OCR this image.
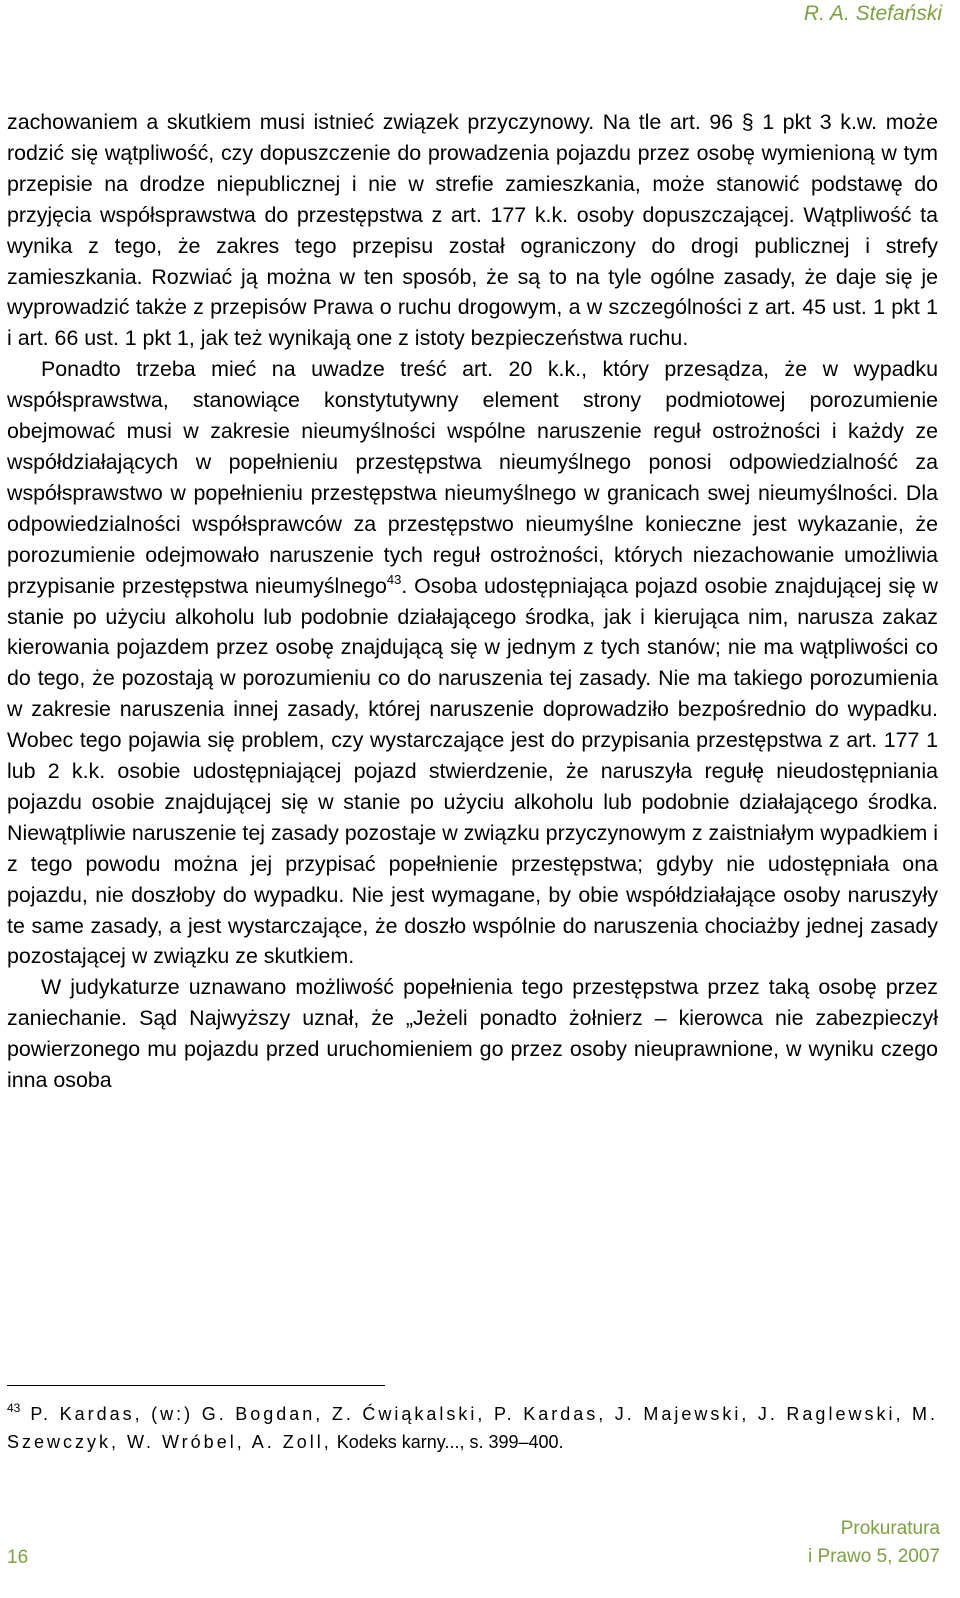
R. A. Stefański

zachowaniem a skutkiem musi istnieć związek przyczynowy. Na tle art. 96 § 1 pkt 3 k.w. może rodzić się wątpliwość, czy dopuszczenie do prowadzenia pojazdu przez osobę wymienioną w tym przepisie na drodze niepublicznej i nie w strefie zamieszkania, może stanowić podstawę do przyjęcia współsprawstwa do przestępstwa z art. 177 k.k. osoby dopuszczającej. Wątpliwość ta wynika z tego, że zakres tego przepisu został ograniczony do drogi publicznej i strefy zamieszkania. Rozwiać ją można w ten sposób, że są to na tyle ogólne zasady, że daje się je wyprowadzić także z przepisów Prawa o ruchu drogowym, a w szczególności z art. 45 ust. 1 pkt 1 i art. 66 ust. 1 pkt 1, jak też wynikają one z istoty bezpieczeństwa ruchu.

Ponadto trzeba mieć na uwadze treść art. 20 k.k., który przesądza, że w wypadku współsprawstwa, stanowiące konstytutywny element strony podmiotowej porozumienie obejmować musi w zakresie nieumyślności wspólne naruszenie reguł ostrożności i każdy ze współdziałających w popełnieniu przestępstwa nieumyślnego ponosi odpowiedzialność za współsprawstwo w popełnieniu przestępstwa nieumyślnego w granicach swej nieumyślności. Dla odpowiedzialności współsprawców za przestępstwo nieumyślne konieczne jest wykazanie, że porozumienie odejmowało naruszenie tych reguł ostrożności, których niezachowanie umożliwia przypisanie przestępstwa nieumyślnego$^{43}$. Osoba udostępniająca pojazd osobie znajdującej się w stanie po użyciu alkoholu lub podobnie działającego środka, jak i kierująca nim, narusza zakaz kierowania pojazdem przez osobę znajdującą się w jednym z tych stanów; nie ma wątpliwości co do tego, że pozostają w porozumieniu co do naruszenia tej zasady. Nie ma takiego porozumienia w zakresie naruszenia innej zasady, której naruszenie doprowadziło bezpośrednio do wypadku. Wobec tego pojawia się problem, czy wystarczające jest do przypisania przestępstwa z art. 177 1 lub 2 k.k. osobie udostępniającej pojazd stwierdzenie, że naruszyła regułę nieudostępniania pojazdu osobie znajdującej się w stanie po użyciu alkoholu lub podobnie działającego środka. Niewątpliwie naruszenie tej zasady pozostaje w związku przyczynowym z zaistniałym wypadkiem i z tego powodu można jej przypisać popełnienie przestępstwa; gdyby nie udostępniała ona pojazdu, nie doszłoby do wypadku. Nie jest wymagane, by obie współdziałające osoby naruszyły te same zasady, a jest wystarczające, że doszło wspólnie do naruszenia chociażby jednej zasady pozostającej w związku ze skutkiem.

W judykaturze uznawano możliwość popełnienia tego przestępstwa przez taką osobę przez zaniechanie. Sąd Najwyższy uznał, że „Jeżeli ponadto żołnierz – kierowca nie zabezpieczył powierzonego mu pojazdu przed uruchomieniem go przez osoby nieuprawnione, w wyniku czego inna osoba

$^{43}$ P. Kardas, (w:) G. Bogdan, Z. Ćwiąkalski, P. Kardas, J. Majewski, J. Raglewski, M. Szewczyk, W. Wróbel, A. Zoll, Kodeks karny..., s. 399–400.
16
Prokuratura
i Prawo 5, 2007
